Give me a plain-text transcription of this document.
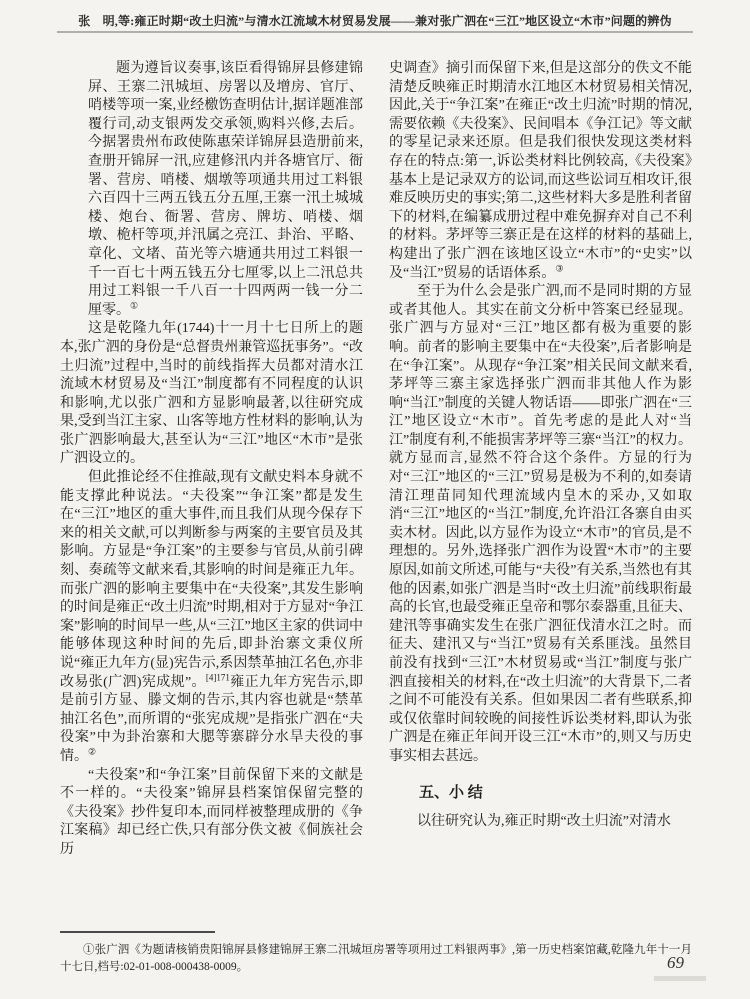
张　明,等:雍正时期“改土归流”与清水江流域木材贸易发展——兼对张广泗在“三江”地区设立“木市”问题的辨伪

题为遵旨议奏事,该臣看得锦屏县修建锦屏、王寨二汛城垣、房署以及增房、官厅、哨楼等项一案,业经檄饬查明估计,据详题准部覆行司,动支银两发交承领,购料兴修,去后。今据署贵州布政使陈惠荣详锦屏县造册前来,查册开锦屏一汛,应建修汛内并各塘官厅、衙署、营房、哨楼、烟墩等项通共用过工料银六百四十三两五钱五分五厘,王寨一汛土城城楼、炮台、衙署、营房、牌坊、哨楼、烟墩、桅杆等项,并汛属之亮江、卦治、平略、章化、文堵、苗光等六塘通共用过工料银一千一百七十两五钱五分七厘零,以上二汛总共用过工料银一千八百一十四两两一钱一分二厘零。①

这是乾隆九年(1744)十一月十七日所上的题本,张广泗的身份是“总督贵州兼管巡抚事务”。“改土归流”过程中,当时的前线指挥大员都对清水江流域木材贸易及“当江”制度都有不同程度的认识和影响,尤以张广泗和方显影响最著,以往研究成果,受到当江主家、山客等地方性材料的影响,认为张广泗影响最大,甚至认为“三江”地区“木市”是张广泗设立的。

但此推论经不住推敲,现有文献史料本身就不能支撑此种说法。“夫役案”“争江案”都是发生在“三江”地区的重大事件,而且我们从现今保存下来的相关文献,可以判断参与两案的主要官员及其影响。方显是“争江案”的主要参与官员,从前引碑刻、奏疏等文献来看,其影响的时间是雍正九年。而张广泗的影响主要集中在“夫役案”,其发生影响的时间是雍正“改土归流”时期,相对于方显对“争江案”影响的时间早一些,从“三江”地区主家的供词中能够体现这种时间的先后,即卦治寨文秉仪所说“雍正九年方(显)宪告示,系因禁革抽江名色,亦非改易张(广泗)宪成规”。$^{[4]171}$雍正九年方宪告示,即是前引方显、滕文炯的告示,其内容也就是“禁革抽江名色”,而所谓的“张宪成规”是指张广泗在“夫役案”中为卦治寨和大腮等寨辟分水旱夫役的事情。②

“夫役案”和“争江案”目前保留下来的文献是不一样的。“夫役案”锦屏县档案馆保留完整的《夫役案》抄件复印本,而同样被整理成册的《争江案稿》却已经亡佚,只有部分佚文被《侗族社会历

史调查》摘引而保留下来,但是这部分的佚文不能清楚反映雍正时期清水江地区木材贸易相关情况,因此,关于“争江案”在雍正“改土归流”时期的情况,需要依赖《夫役案》、民间唱本《争江记》等文献的零星记录来还原。但是我们很快发现这类材料存在的特点:第一,诉讼类材料比例较高,《夫役案》基本上是记录双方的讼词,而这些讼词互相攻讦,很难反映历史的事实;第二,这些材料大多是胜利者留下的材料,在编纂成册过程中难免摒弃对自己不利的材料。茅坪等三寨正是在这样的材料的基础上,构建出了张广泗在该地区设立“木市”的“史实”以及“当江”贸易的话语体系。③

至于为什么会是张广泗,而不是同时期的方显或者其他人。其实在前文分析中答案已经显现。张广泗与方显对“三江”地区都有极为重要的影响。前者的影响主要集中在“夫役案”,后者影响是在“争江案”。从现存“争江案”相关民间文献来看,茅坪等三寨主家选择张广泗而非其他人作为影响“当江”制度的关键人物话语——即张广泗在“三江”地区设立“木市”。首先考虑的是此人对“当江”制度有利,不能损害茅坪等三寨“当江”的权力。就方显而言,显然不符合这个条件。方显的行为对“三江”地区的“三江”贸易是极为不利的,如奏请清江理苗同知代理流域内皇木的采办,又如取消“三江”地区的“当江”制度,允许沿江各寨自由买卖木材。因此,以方显作为设立“木市”的官员,是不理想的。另外,选择张广泗作为设置“木市”的主要原因,如前文所述,可能与“夫役”有关系,当然也有其他的因素,如张广泗是当时“改土归流”前线职衔最高的长官,也最受雍正皇帝和鄂尔泰器重,且征夫、建汛等事确实发生在张广泗征伐清水江之时。而征夫、建汛又与“当江”贸易有关系匪浅。虽然目前没有找到“三江”木材贸易或“当江”制度与张广泗直接相关的材料,在“改土归流”的大背景下,二者之间不可能没有关系。但如果因二者有些联系,抑或仅依靠时间较晚的间接性诉讼类材料,即认为张广泗是在雍正年间开设三江“木市”的,则又与历史事实相去甚远。

五、小 结

以往研究认为,雍正时期“改土归流”对清水

①张广泗《为题请核销贵阳锦屏县修建锦屏王寨二汛城垣房署等项用过工料银两事》,第一历史档案馆藏,乾隆九年十一月十七日,档号:02-01-008-000438-0009。	69
